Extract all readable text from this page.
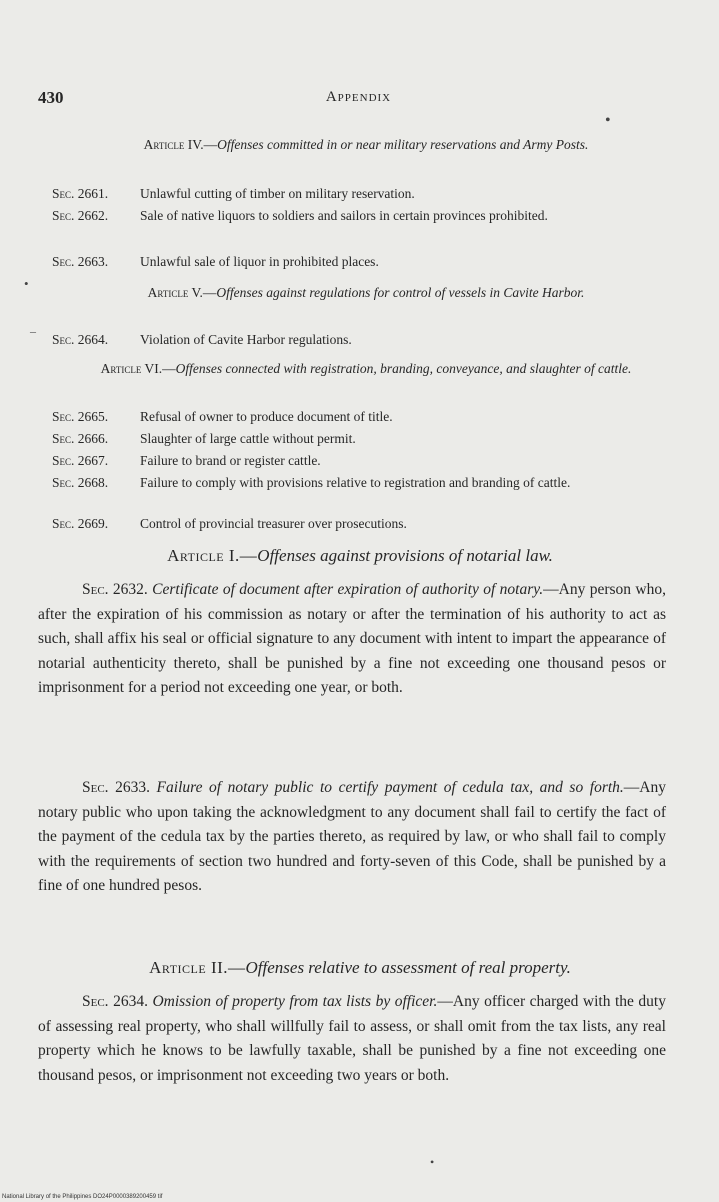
430	Appendix
•
Article IV.—Offenses committed in or near military reservations and Army Posts.
Sec. 2661. Unlawful cutting of timber on military reservation.
Sec. 2662. Sale of native liquors to soldiers and sailors in certain provinces prohibited.
Sec. 2663. Unlawful sale of liquor in prohibited places.
•
Article V.—Offenses against regulations for control of vessels in Cavite Harbor.
–
Sec. 2664. Violation of Cavite Harbor regulations.
Article VI.—Offenses connected with registration, branding, conveyance, and slaughter of cattle.
Sec. 2665. Refusal of owner to produce document of title.
Sec. 2666. Slaughter of large cattle without permit.
Sec. 2667. Failure to brand or register cattle.
Sec. 2668. Failure to comply with provisions relative to registration and branding of cattle.
Sec. 2669. Control of provincial treasurer over prosecutions.
Article I.—Offenses against provisions of notarial law.
Sec. 2632. Certificate of document after expiration of authority of notary.—Any person who, after the expiration of his commission as notary or after the termination of his authority to act as such, shall affix his seal or official signature to any document with intent to impart the appearance of notarial authenticity thereto, shall be punished by a fine not exceeding one thousand pesos or imprisonment for a period not exceeding one year, or both.
Sec. 2633. Failure of notary public to certify payment of cedula tax, and so forth.—Any notary public who upon taking the acknowledgment to any document shall fail to certify the fact of the payment of the cedula tax by the parties thereto, as required by law, or who shall fail to comply with the requirements of section two hundred and forty-seven of this Code, shall be punished by a fine of one hundred pesos.
Article II.—Offenses relative to assessment of real property.
Sec. 2634. Omission of property from tax lists by officer.—Any officer charged with the duty of assessing real property, who shall willfully fail to assess, or shall omit from the tax lists, any real property which he knows to be lawfully taxable, shall be punished by a fine not exceeding one thousand pesos, or imprisonment not exceeding two years or both.
•
National Library of the Philippines DO24P0000389200459 tif
